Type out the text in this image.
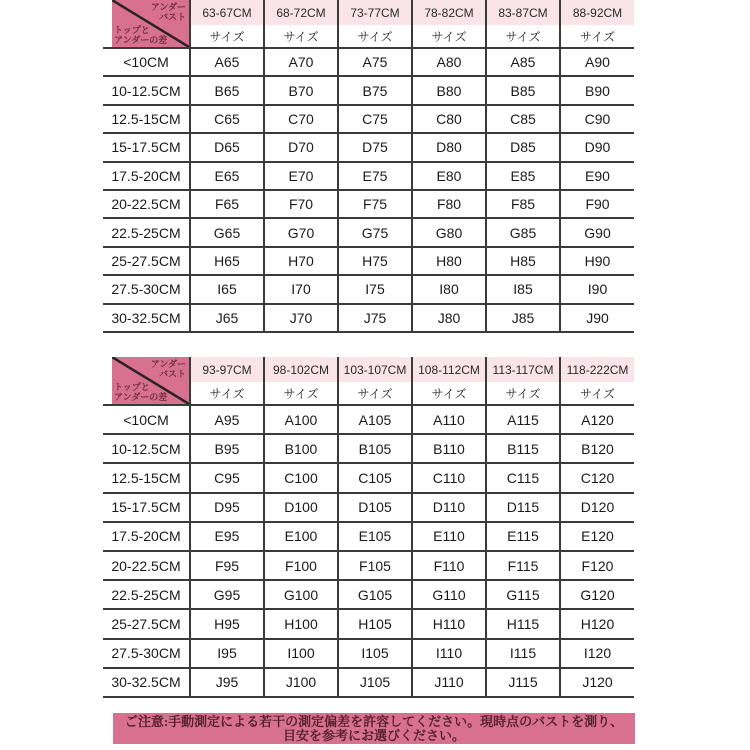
アンダー
バスト
トップと
アンダーの差	63-67CM	68-72CM	73-77CM	78-82CM	83-87CM	88-92CM
	サイズ	サイズ	サイズ	サイズ	サイズ	サイズ
<10CM	A65	A70	A75	A80	A85	A90
10-12.5CM	B65	B70	B75	B80	B85	B90
12.5-15CM	C65	C70	C75	C80	C85	C90
15-17.5CM	D65	D70	D75	D80	D85	D90
17.5-20CM	E65	E70	E75	E80	E85	E90
20-22.5CM	F65	F70	F75	F80	F85	F90
22.5-25CM	G65	G70	G75	G80	G85	G90
25-27.5CM	H65	H70	H75	H80	H85	H90
27.5-30CM	I65	I70	I75	I80	I85	I90
30-32.5CM	J65	J70	J75	J80	J85	J90
アンダー
バスト
トップと
アンダーの差	93-97CM	98-102CM	103-107CM	108-112CM	113-117CM	118-222CM
	サイズ	サイズ	サイズ	サイズ	サイズ	サイズ
<10CM	A95	A100	A105	A110	A115	A120
10-12.5CM	B95	B100	B105	B110	B115	B120
12.5-15CM	C95	C100	C105	C110	C115	C120
15-17.5CM	D95	D100	D105	D110	D115	D120
17.5-20CM	E95	E100	E105	E110	E115	E120
20-22.5CM	F95	F100	F105	F110	F115	F120
22.5-25CM	G95	G100	G105	G110	G115	G120
25-27.5CM	H95	H100	H105	H110	H115	H120
27.5-30CM	I95	I100	I105	I110	I115	I120
30-32.5CM	J95	J100	J105	J110	J115	J120
ご注意:手動測定による若干の測定偏差を許容してください。現時点のバストを測り、
目安を参考にお選びください。
